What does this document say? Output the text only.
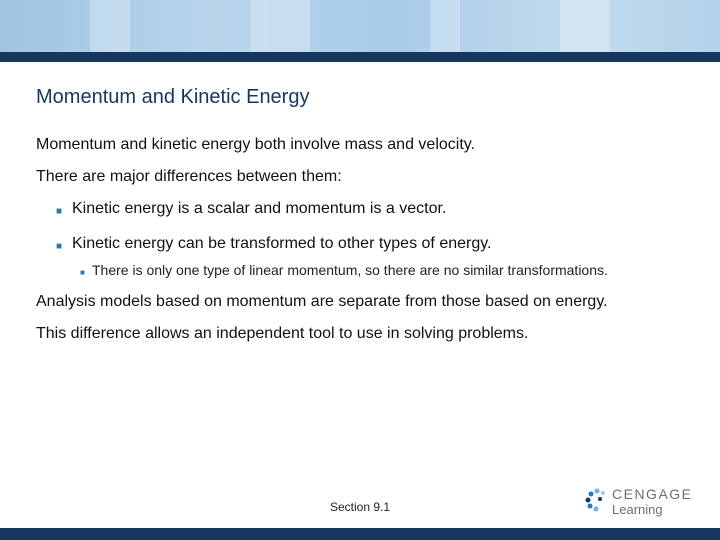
Momentum and Kinetic Energy

Momentum and kinetic energy both involve mass and velocity.

There are major differences between them:

■ Kinetic energy is a scalar and momentum is a vector.
■ Kinetic energy can be transformed to other types of energy.
■ There is only one type of linear momentum, so there are no similar transformations.

Analysis models based on momentum are separate from those based on energy.

This difference allows an independent tool to use in solving problems.

Section 9.1
CENGAGE
Learning
